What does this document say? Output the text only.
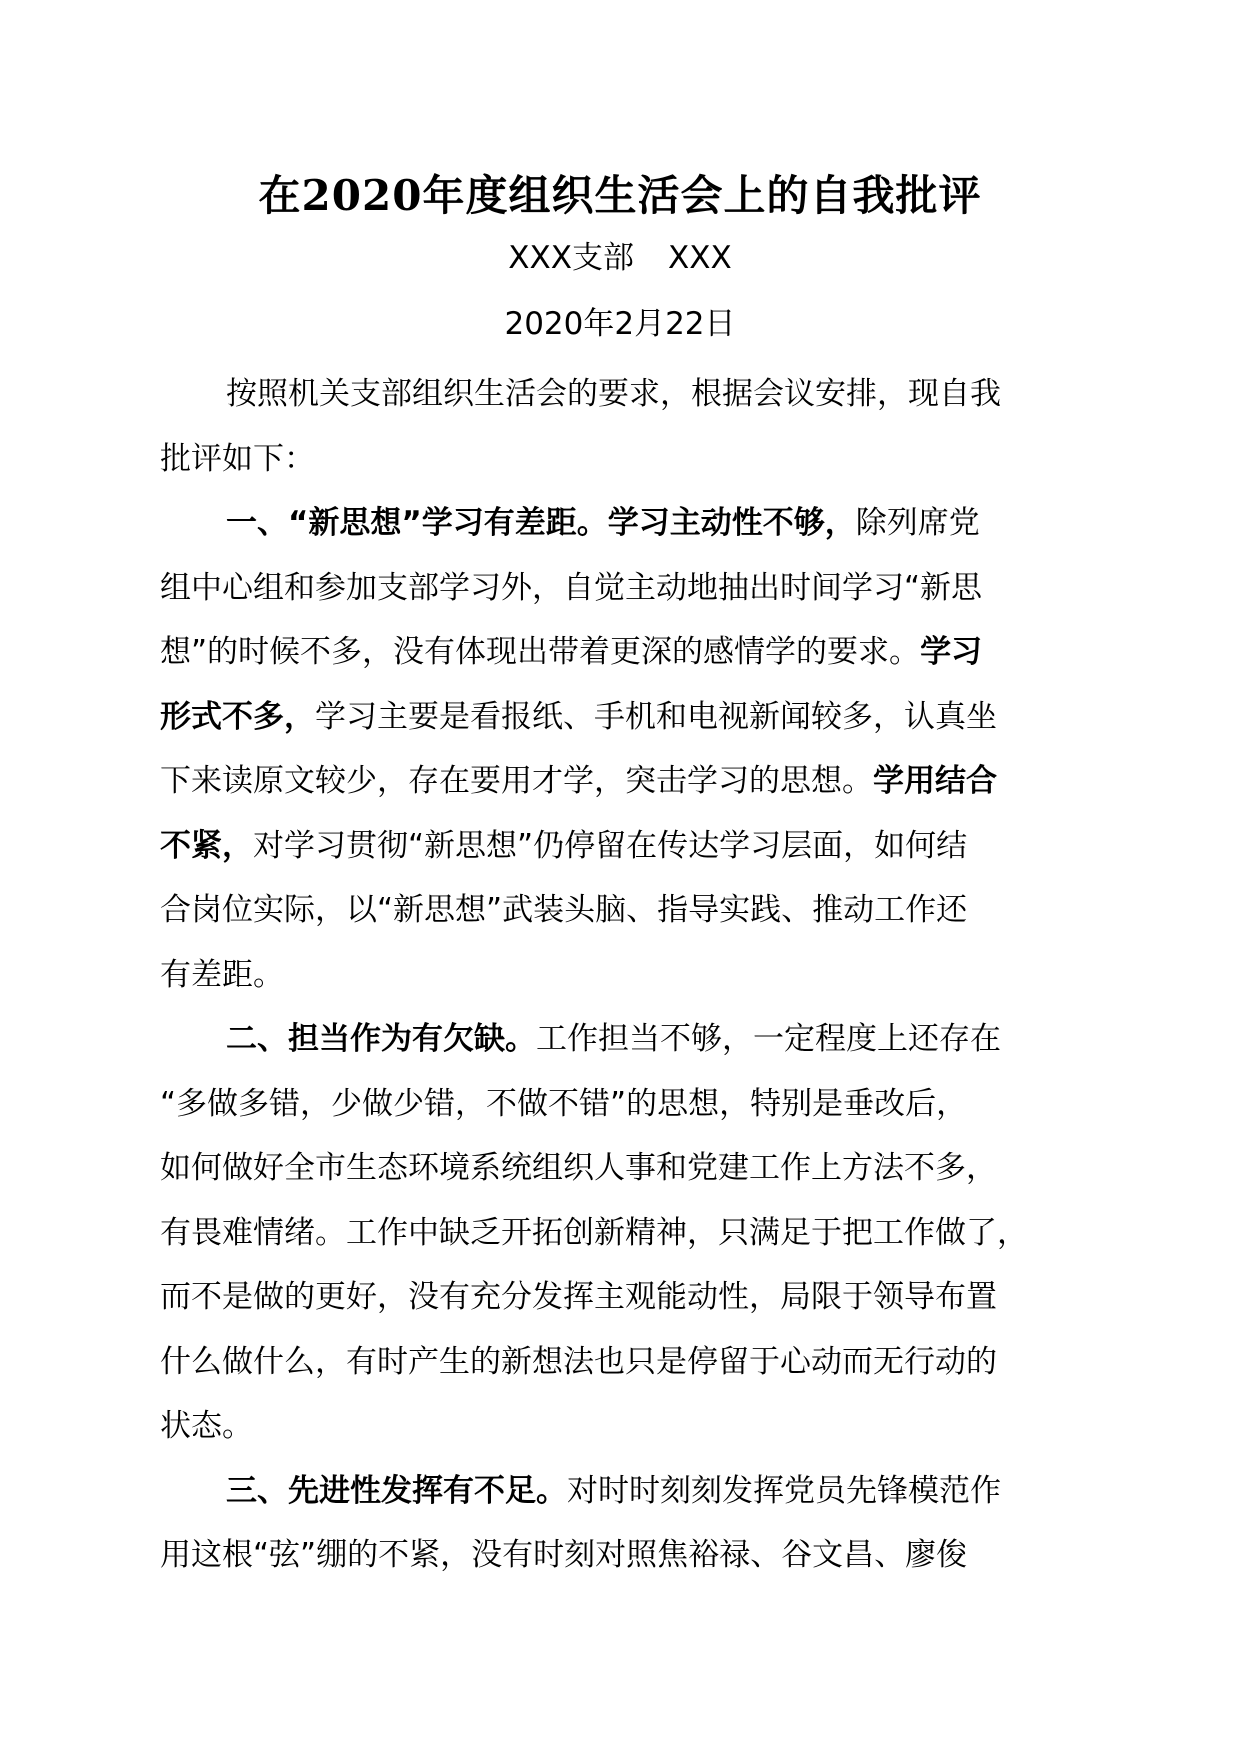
在2020年度组织生活会上的自我批评
XXX支部 XXX
2020年2月22日
按照机关支部组织生活会的要求，根据会议安排，现自我
批评如下：
一、“新思想”学习有差距。学习主动性不够，除列席党
组中心组和参加支部学习外，自觉主动地抽出时间学习“新思
想”的时候不多，没有体现出带着更深的感情学的要求。学习
形式不多，学习主要是看报纸、手机和电视新闻较多，认真坐
下来读原文较少，存在要用才学，突击学习的思想。学用结合
不紧，对学习贯彻“新思想”仍停留在传达学习层面，如何结
合岗位实际，以“新思想”武装头脑、指导实践、推动工作还
有差距。
二、担当作为有欠缺。工作担当不够，一定程度上还存在
“多做多错，少做少错，不做不错”的思想，特别是垂改后，
如何做好全市生态环境系统组织人事和党建工作上方法不多，
有畏难情绪。工作中缺乏开拓创新精神，只满足于把工作做了，
而不是做的更好，没有充分发挥主观能动性，局限于领导布置
什么做什么，有时产生的新想法也只是停留于心动而无行动的
状态。
三、先进性发挥有不足。对时时刻刻发挥党员先锋模范作
用这根“弦”绷的不紧，没有时刻对照焦裕禄、谷文昌、廖俊
